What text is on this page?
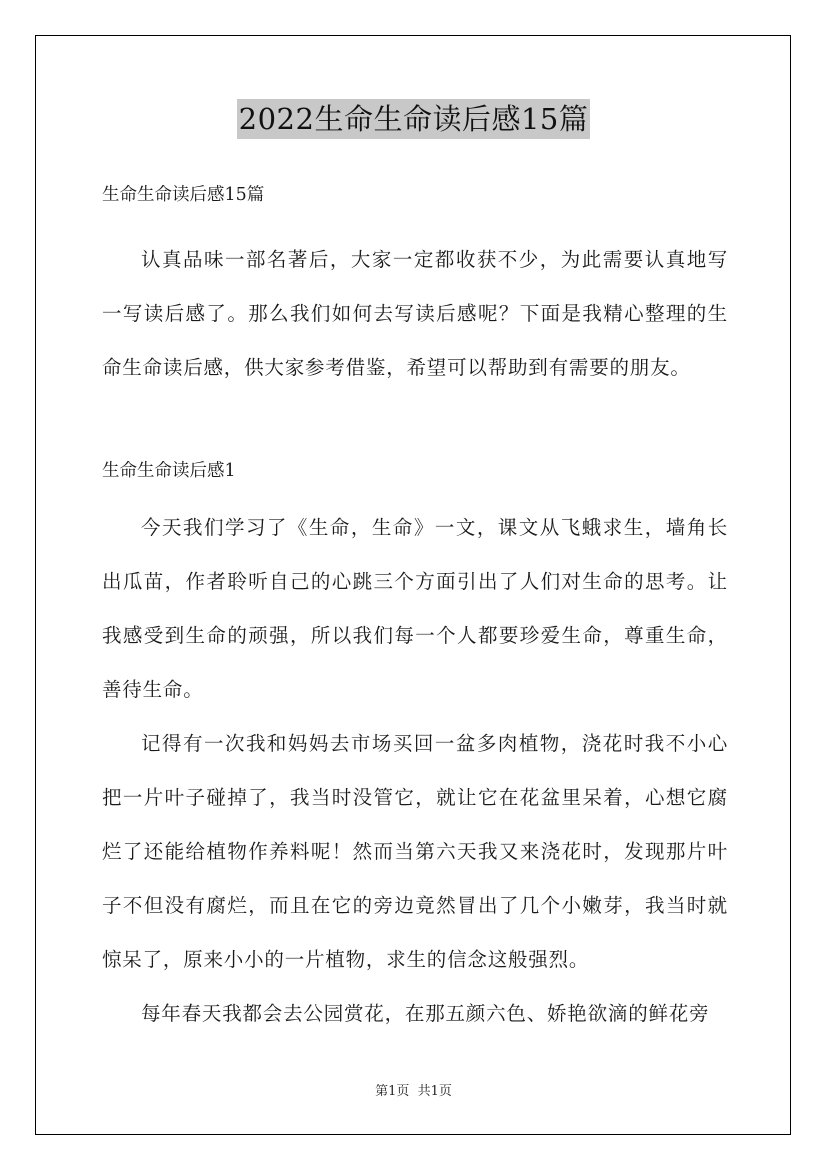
2022生命生命读后感15篇

生命生命读后感15篇

认真品味一部名著后，大家一定都收获不少，为此需要认真地写一写读后感了。那么我们如何去写读后感呢？下面是我精心整理的生命生命读后感，供大家参考借鉴，希望可以帮助到有需要的朋友。

生命生命读后感1

今天我们学习了《生命，生命》一文，课文从飞蛾求生，墙角长出瓜苗，作者聆听自己的心跳三个方面引出了人们对生命的思考。让我感受到生命的顽强，所以我们每一个人都要珍爱生命，尊重生命，善待生命。

记得有一次我和妈妈去市场买回一盆多肉植物，浇花时我不小心把一片叶子碰掉了，我当时没管它，就让它在花盆里呆着，心想它腐烂了还能给植物作养料呢！然而当第六天我又来浇花时，发现那片叶子不但没有腐烂，而且在它的旁边竟然冒出了几个小嫩芽，我当时就惊呆了，原来小小的一片植物，求生的信念这般强烈。

每年春天我都会去公园赏花，在那五颜六色、娇艳欲滴的鲜花旁

第1页 共1页
